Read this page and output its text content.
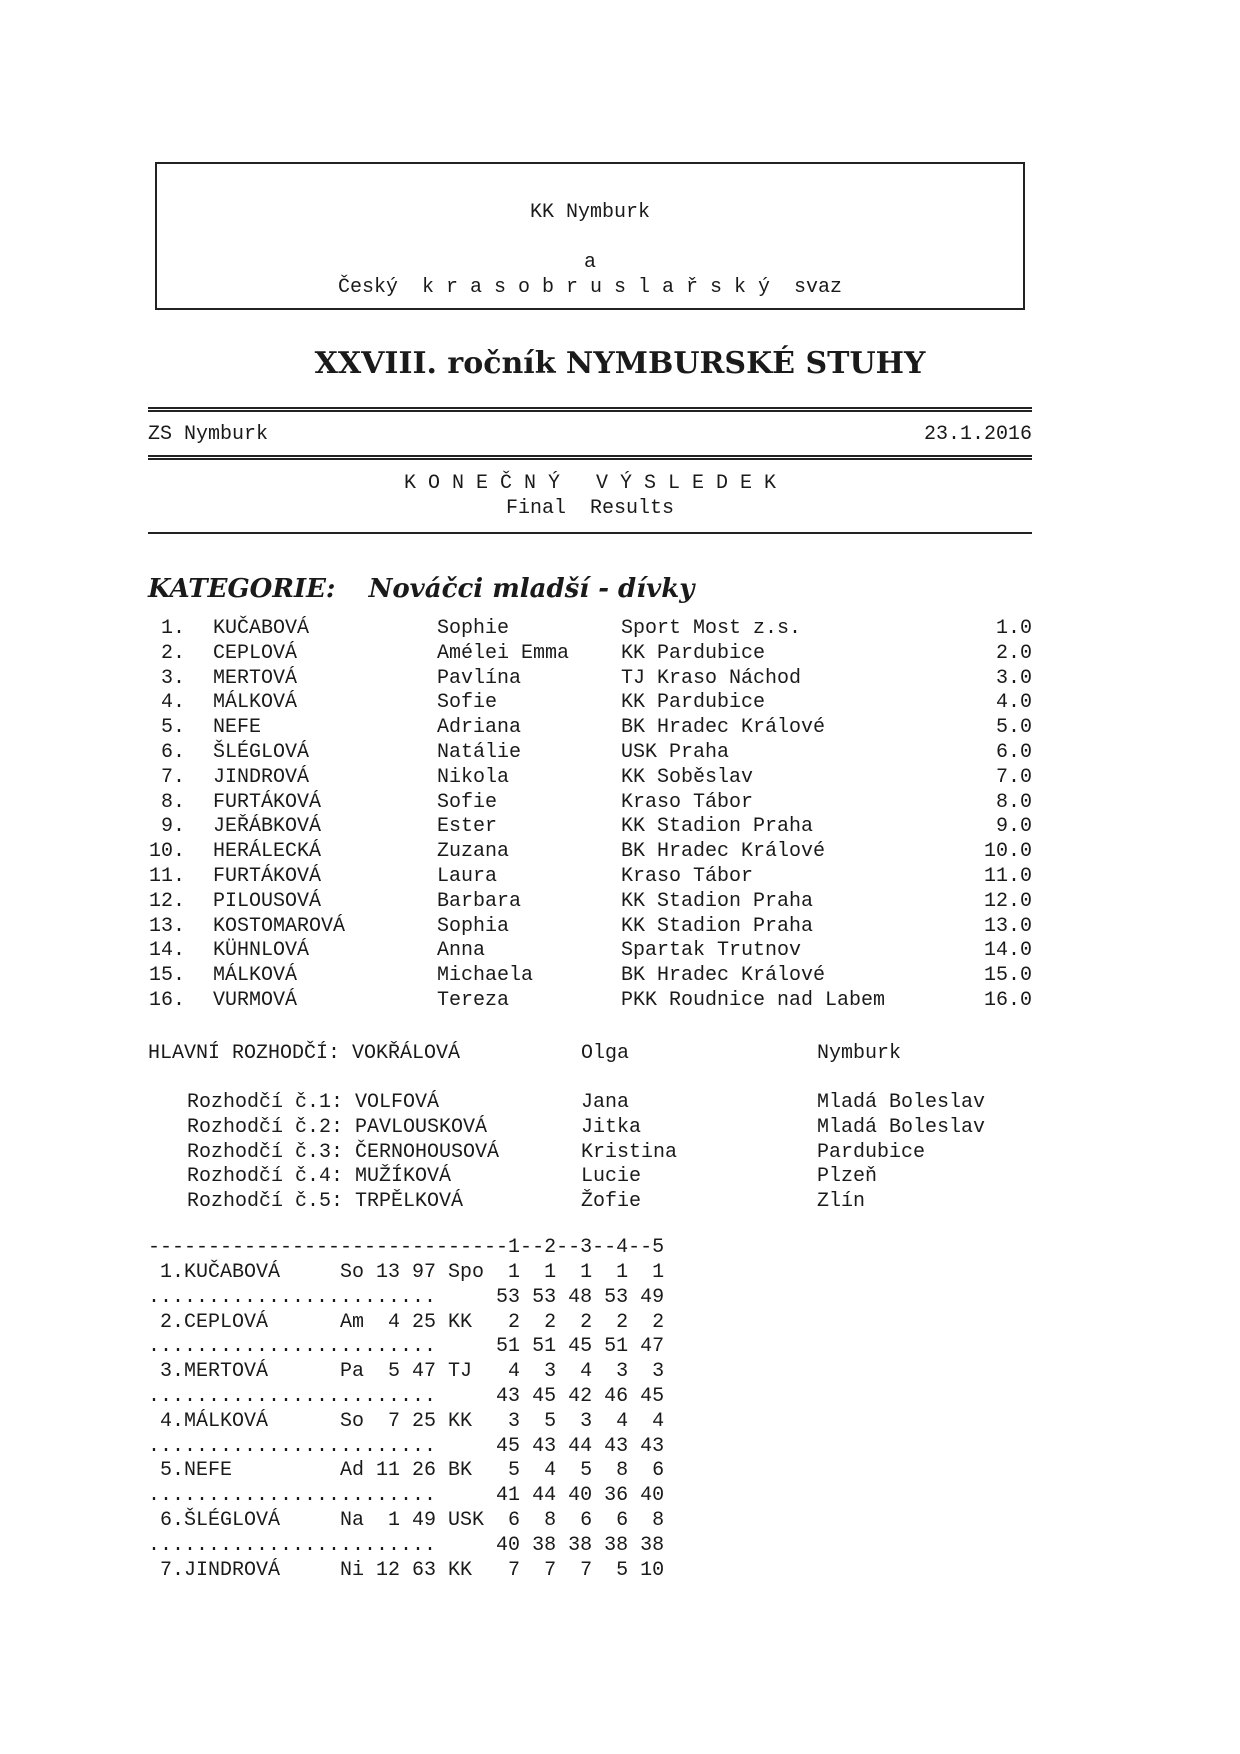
KK Nymburk
a
Český  k r a s o b r u s l a ř s k ý  svaz
XXVIII. ročník NYMBURSKÉ STUHY
ZS Nymburk	23.1.2016
K O N E Č N Ý   V Ý S L E D E K
Final  Results
KATEGORIE: Nováčci mladší - dívky
1. KUČABOVÁ	Sophie	Sport Most z.s.	1.0
2. CEPLOVÁ	Amélei Emma	KK Pardubice	2.0
3. MERTOVÁ	Pavlína	TJ Kraso Náchod	3.0
4. MÁLKOVÁ	Sofie	KK Pardubice	4.0
5. NEFE	Adriana	BK Hradec Králové	5.0
6. ŠLÉGLOVÁ	Natálie	USK Praha	6.0
7. JINDROVÁ	Nikola	KK Soběslav	7.0
8. FURTÁKOVÁ	Sofie	Kraso Tábor	8.0
9. JEŘÁBKOVÁ	Ester	KK Stadion Praha	9.0
10. HERÁLECKÁ	Zuzana	BK Hradec Králové	10.0
11. FURTÁKOVÁ	Laura	Kraso Tábor	11.0
12. PILOUSOVÁ	Barbara	KK Stadion Praha	12.0
13. KOSTOMAROVÁ	Sophia	KK Stadion Praha	13.0
14. KÜHNLOVÁ	Anna	Spartak Trutnov	14.0
15. MÁLKOVÁ	Michaela	BK Hradec Králové	15.0
16. VURMOVÁ	Tereza	PKK Roudnice nad Labem	16.0
HLAVNÍ ROZHODČÍ: VOKŘÁLOVÁ	Olga	Nymburk
Rozhodčí č.1: VOLFOVÁ	Jana	Mladá Boleslav
Rozhodčí č.2: PAVLOUSKOVÁ	Jitka	Mladá Boleslav
Rozhodčí č.3: ČERNOHOUSOVÁ	Kristina	Pardubice
Rozhodčí č.4: MUŽÍKOVÁ	Lucie	Plzeň
Rozhodčí č.5: TRPĚLKOVÁ	Žofie	Zlín
------------------------------1--2--3--4--5
1.KUČABOVÁ     So 13 97 Spo  1  1  1  1  1
........................     53 53 48 53 49
2.CEPLOVÁ      Am  4 25 KK   2  2  2  2  2
........................     51 51 45 51 47
3.MERTOVÁ      Pa  5 47 TJ   4  3  4  3  3
........................     43 45 42 46 45
4.MÁLKOVÁ      So  7 25 KK   3  5  3  4  4
........................     45 43 44 43 43
5.NEFE         Ad 11 26 BK   5  4  5  8  6
........................     41 44 40 36 40
6.ŠLÉGLOVÁ     Na  1 49 USK  6  8  6  6  8
........................     40 38 38 38 38
7.JINDROVÁ     Ni 12 63 KK   7  7  7  5 10
